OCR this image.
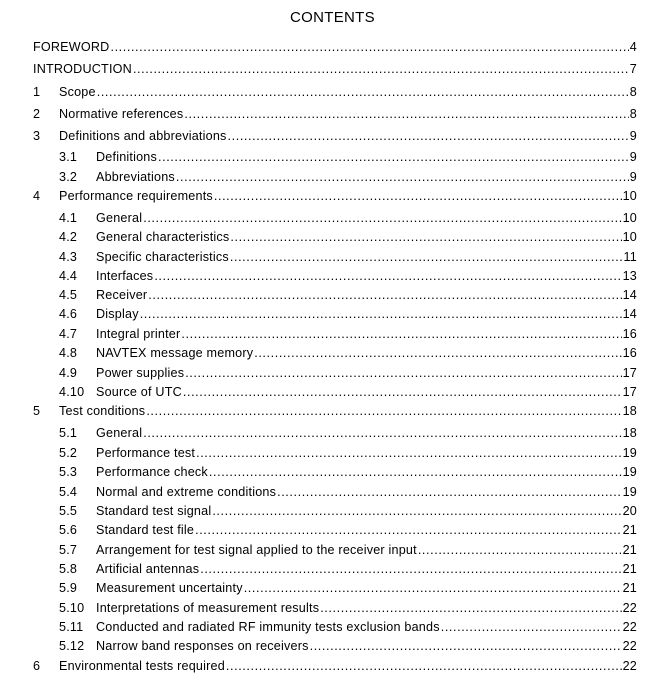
CONTENTS
FOREWORD .....	4
INTRODUCTION .....	7
1	Scope .....	8
2	Normative references .....	8
3	Definitions and abbreviations .....	9
3.1	Definitions .....	9
3.2	Abbreviations .....	9
4	Performance requirements .....	10
4.1	General .....	10
4.2	General characteristics .....	10
4.3	Specific characteristics .....	11
4.4	Interfaces .....	13
4.5	Receiver .....	14
4.6	Display .....	14
4.7	Integral printer .....	16
4.8	NAVTEX message memory .....	16
4.9	Power supplies .....	17
4.10 Source of UTC .....	17
5	Test conditions .....	18
5.1	General .....	18
5.2	Performance test .....	19
5.3	Performance check .....	19
5.4	Normal and extreme conditions .....	19
5.5	Standard test signal .....	20
5.6	Standard test file .....	21
5.7	Arrangement for test signal applied to the receiver input .....	21
5.8	Artificial antennas .....	21
5.9	Measurement uncertainty .....	21
5.10 Interpretations of measurement results .....	22
5.11	Conducted and radiated RF immunity tests exclusion bands .....	22
5.12 Narrow band responses on receivers .....	22
6	Environmental tests required .....	22
